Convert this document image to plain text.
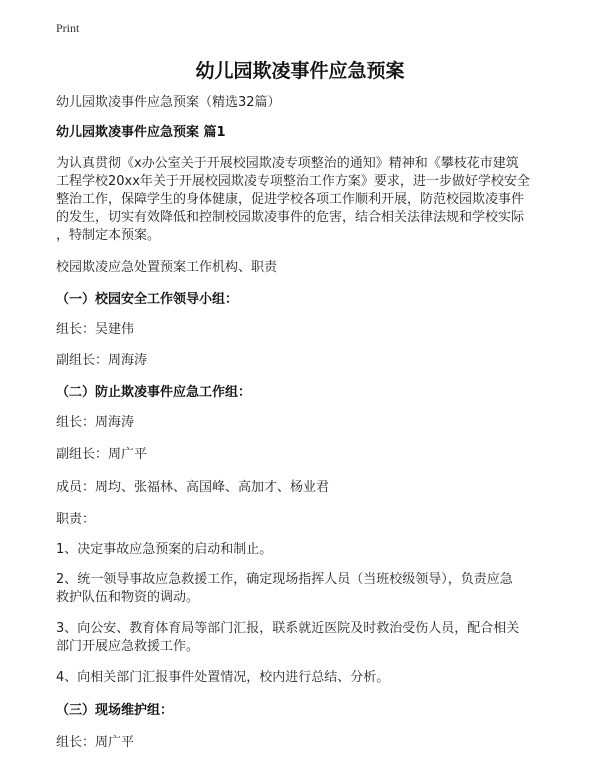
Print
幼儿园欺凌事件应急预案
幼儿园欺凌事件应急预案（精选32篇）
幼儿园欺凌事件应急预案 篇1
为认真贯彻《x办公室关于开展校园欺凌专项整治的通知》精神和《攀枝花市建筑
工程学校20xx年关于开展校园欺凌专项整治工作方案》要求，进一步做好学校安全
整治工作，保障学生的身体健康，促进学校各项工作顺利开展，防范校园欺凌事件
的发生，切实有效降低和控制校园欺凌事件的危害，结合相关法律法规和学校实际
，特制定本预案。
校园欺凌应急处置预案工作机构、职责
（一）校园安全工作领导小组：
组长：吴建伟
副组长：周海涛
（二）防止欺凌事件应急工作组：
组长：周海涛
副组长：周广平
成员：周均、张福林、高国峰、高加才、杨业君
职责：
1、决定事故应急预案的启动和制止。
2、统一领导事故应急救援工作，确定现场指挥人员（当班校级领导），负责应急
救护队伍和物资的调动。
3、向公安、教育体育局等部门汇报，联系就近医院及时救治受伤人员，配合相关
部门开展应急救援工作。
4、向相关部门汇报事件处置情况，校内进行总结、分析。
（三）现场维护组：
组长：周广平
